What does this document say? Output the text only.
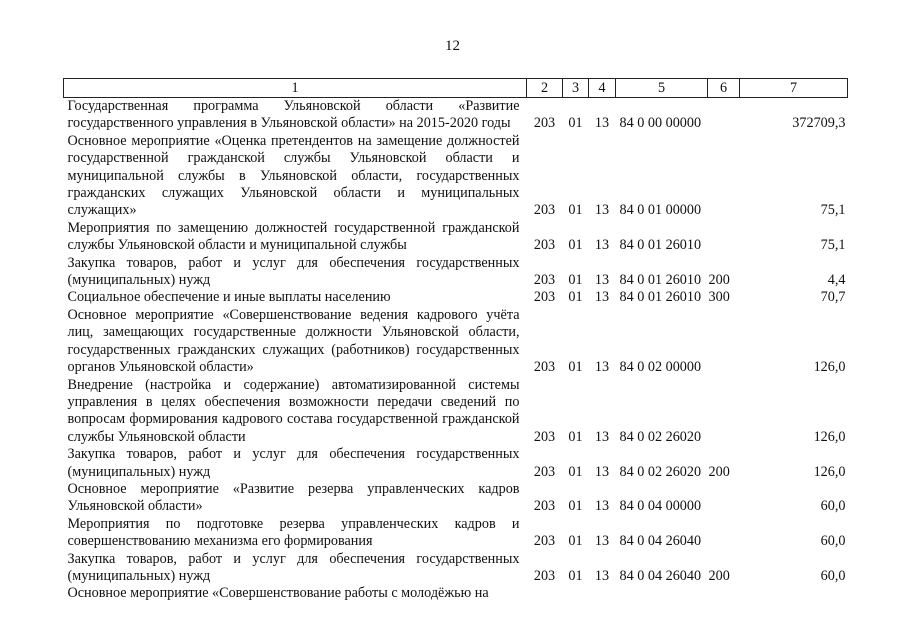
12
1	2	3	4	5	6	7
Государственная программа Ульяновской области «Развитие государственного управления в Ульяновской области» на 2015-2020 годы	203	01	13	84 0 00 00000		372709,3
Основное мероприятие «Оценка претендентов на замещение должностей государственной гражданской службы Ульяновской области и муниципальной службы в Ульяновской области, государственных гражданских служащих Ульяновской области и муниципальных служащих»	203	01	13	84 0 01 00000		75,1
Мероприятия по замещению должностей государственной гражданской службы Ульяновской области и муниципальной службы	203	01	13	84 0 01 26010		75,1
Закупка товаров, работ и услуг для обеспечения государственных (муниципальных) нужд	203	01	13	84 0 01 26010	200	4,4
Социальное обеспечение и иные выплаты населению	203	01	13	84 0 01 26010	300	70,7
Основное мероприятие «Совершенствование ведения кадрового учёта лиц, замещающих государственные должности Ульяновской области, государственных гражданских служащих (работников) государственных органов Ульяновской области»	203	01	13	84 0 02 00000		126,0
Внедрение (настройка и содержание) автоматизированной системы управления в целях обеспечения возможности передачи сведений по вопросам формирования кадрового состава государственной гражданской службы Ульяновской области	203	01	13	84 0 02 26020		126,0
Закупка товаров, работ и услуг для обеспечения государственных (муниципальных) нужд	203	01	13	84 0 02 26020	200	126,0
Основное мероприятие «Развитие резерва управленческих кадров Ульяновской области»	203	01	13	84 0 04 00000		60,0
Мероприятия по подготовке резерва управленческих кадров и совершенствованию механизма его формирования	203	01	13	84 0 04 26040		60,0
Закупка товаров, работ и услуг для обеспечения государственных (муниципальных) нужд	203	01	13	84 0 04 26040	200	60,0
Основное мероприятие «Совершенствование работы с молодёжью на						
